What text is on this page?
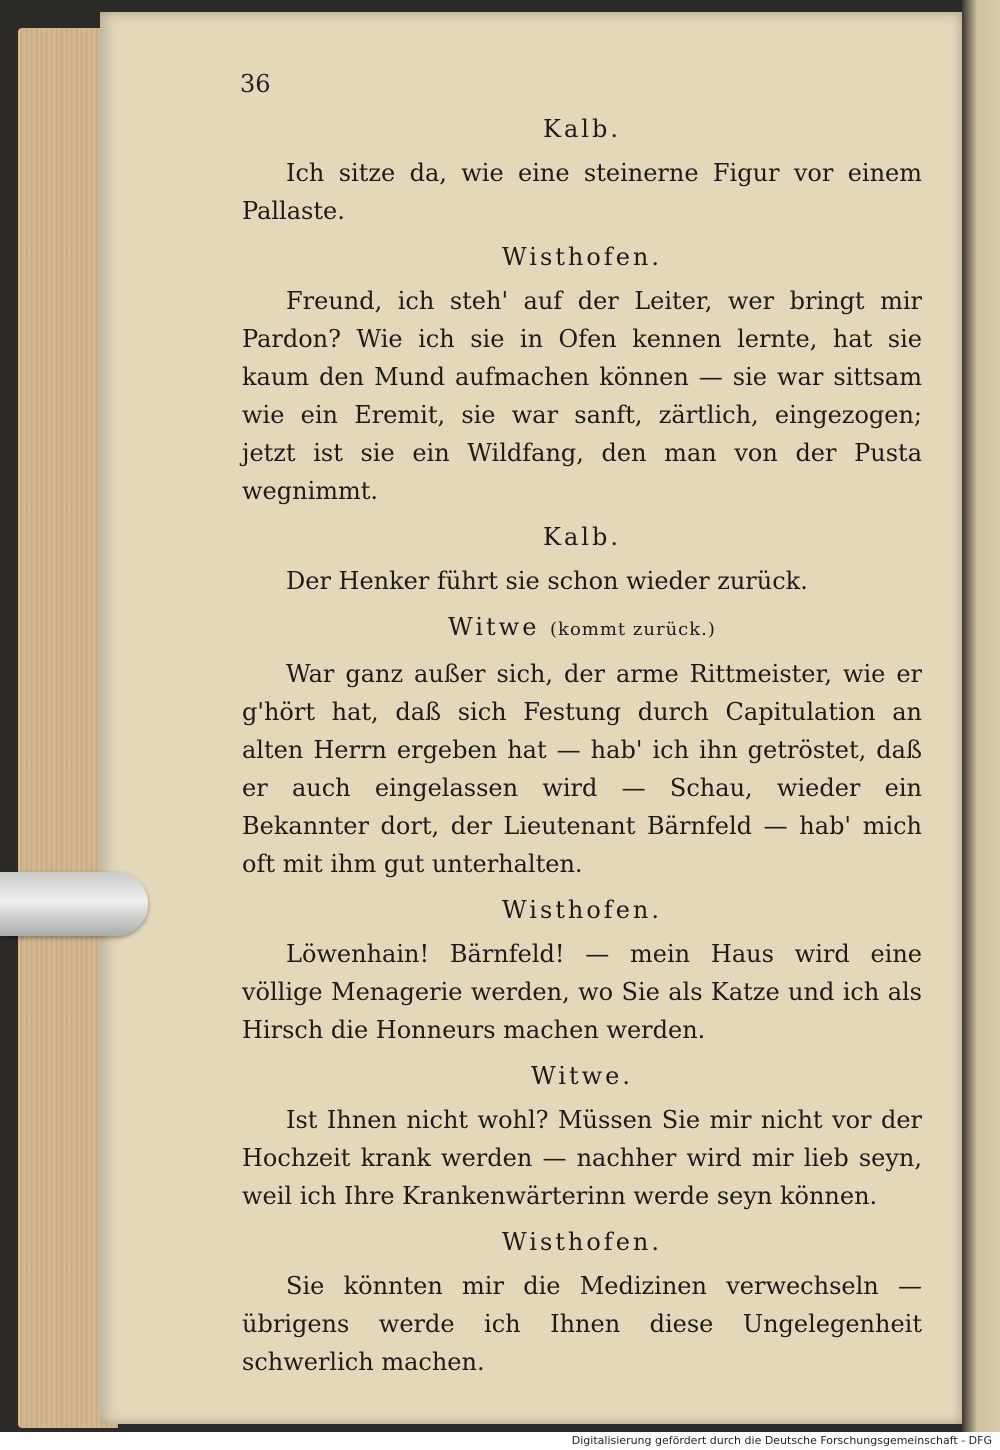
36

Kalb.

Ich sitze da, wie eine steinerne Figur vor einem Pallaste.

Wisthofen.

Freund, ich steh' auf der Leiter, wer bringt mir Pardon? Wie ich sie in Ofen kennen lernte, hat sie kaum den Mund aufmachen können — sie war sittsam wie ein Eremit, sie war sanft, zärtlich, eingezogen; jetzt ist sie ein Wildfang, den man von der Pusta wegnimmt.

Kalb.

Der Henker führt sie schon wieder zurück.

Witwe (kommt zurück.)

War ganz außer sich, der arme Rittmeister, wie er g'hört hat, daß sich Festung durch Capitulation an alten Herrn ergeben hat — hab' ich ihn getröstet, daß er auch eingelassen wird — Schau, wieder ein Bekannter dort, der Lieutenant Bärnfeld — hab' mich oft mit ihm gut unterhalten.

Wisthofen.

Löwenhain! Bärnfeld! — mein Haus wird eine völlige Menagerie werden, wo Sie als Katze und ich als Hirsch die Honneurs machen werden.

Witwe.

Ist Ihnen nicht wohl? Müssen Sie mir nicht vor der Hochzeit krank werden — nachher wird mir lieb seyn, weil ich Ihre Krankenwärterinn werde seyn können.

Wisthofen.

Sie könnten mir die Medizinen verwechseln — übrigens werde ich Ihnen diese Ungelegenheit schwerlich machen.

Digitalisierung gefördert durch die Deutsche Forschungsgemeinschaft - DFG
